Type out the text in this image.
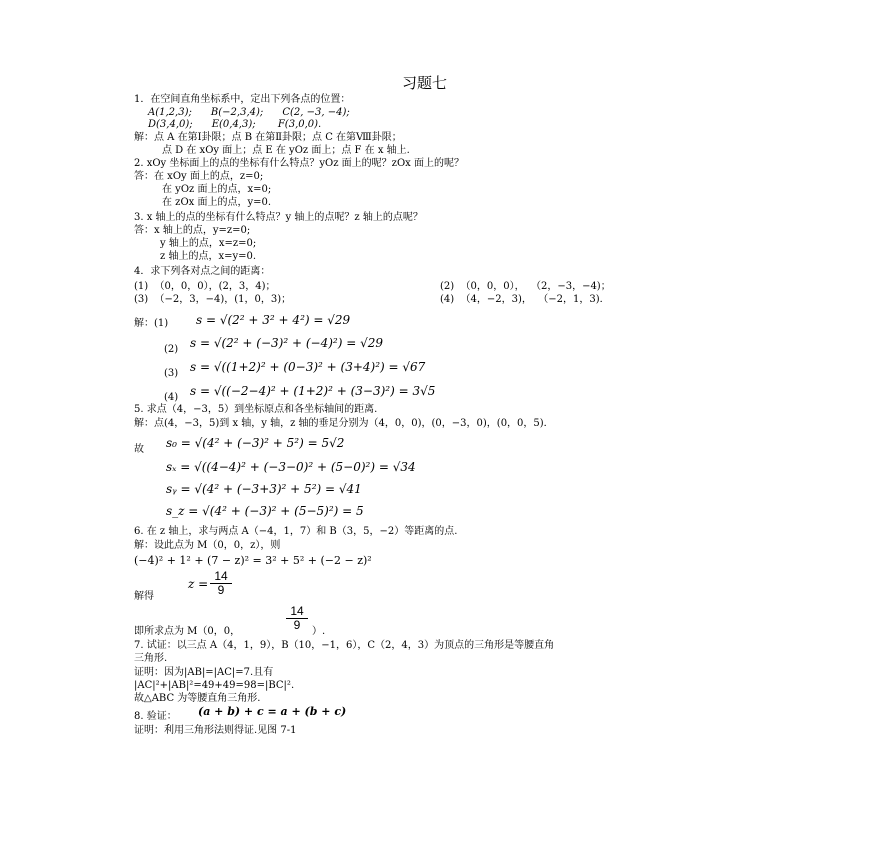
习题七
1．在空间直角坐标系中，定出下列各点的位置：
A(1,2,3);      B(−2,3,4);      C(2, −3, −4);
D(3,4,0);      E(0,4,3);       F(3,0,0).
解：点 A 在第Ⅰ卦限；点 B 在第Ⅱ卦限；点 C 在第Ⅷ卦限；
点 D 在 xOy 面上；点 E 在 yOz 面上；点 F 在 x 轴上.
2. xOy 坐标面上的点的坐标有什么特点？yOz 面上的呢？zOx 面上的呢？
答：在 xOy 面上的点，z=0;
在 yOz 面上的点，x=0;
在 zOx 面上的点，y=0.
3. x 轴上的点的坐标有什么特点？y 轴上的点呢？z 轴上的点呢？
答：x 轴上的点，y=z=0;
y 轴上的点，x=z=0;
z 轴上的点，x=y=0.
4．求下列各对点之间的距离：
(1)  （0，0，0），(2，3，4)；	(2)  （0，0，0），  （2，−3，−4)；
(3)  （−2，3，−4)，(1，0，3)；	(4)  （4，−2，3)，  （−2，1，3)．
解：(1) s = √(2² + 3² + 4²) = √29
(2) s = √(2² + (−3)² + (−4)²) = √29
(3) s = √((1+2)² + (0−3)² + (3+4)²) = √67
(4) s = √((−2−4)² + (1+2)² + (3−3)²) = 3√5
5. 求点（4，−3，5）到坐标原点和各坐标轴间的距离.
解：点(4，−3，5)到 x 轴，y 轴，z 轴的垂足分别为（4，0，0)，(0，−3，0)，(0，0，5)．
故 s₀ = √(4² + (−3)² + 5²) = 5√2
sₓ = √((4−4)² + (−3−0)² + (5−0)²) = √34
sᵧ = √(4² + (−3+3)² + 5²) = √41
s_z = √(4² + (−3)² + (5−5)²) = 5
6. 在 z 轴上，求与两点 A（−4，1，7）和 B（3，5，−2）等距离的点.
解：设此点为 M（0，0，z），则
(−4)² + 1² + (7 − z)² = 3² + 5² + (−2 − z)²
$z = \frac{14}{9}$
解得
即所求点为 M（0，0，	$\frac{14}{9}$ ）.
7. 试证：以三点 A（4，1，9），B（10，−1，6），C（2，4，3）为顶点的三角形是等腰直角
三角形.
证明：因为|AB|=|AC|=7.且有
|AC|²+|AB|²=49+49=98=|BC|².
故△ABC 为等腰直角三角形.
8. 验证： (a + b) + c = a + (b + c)
证明：利用三角形法则得证.见图 7-1
